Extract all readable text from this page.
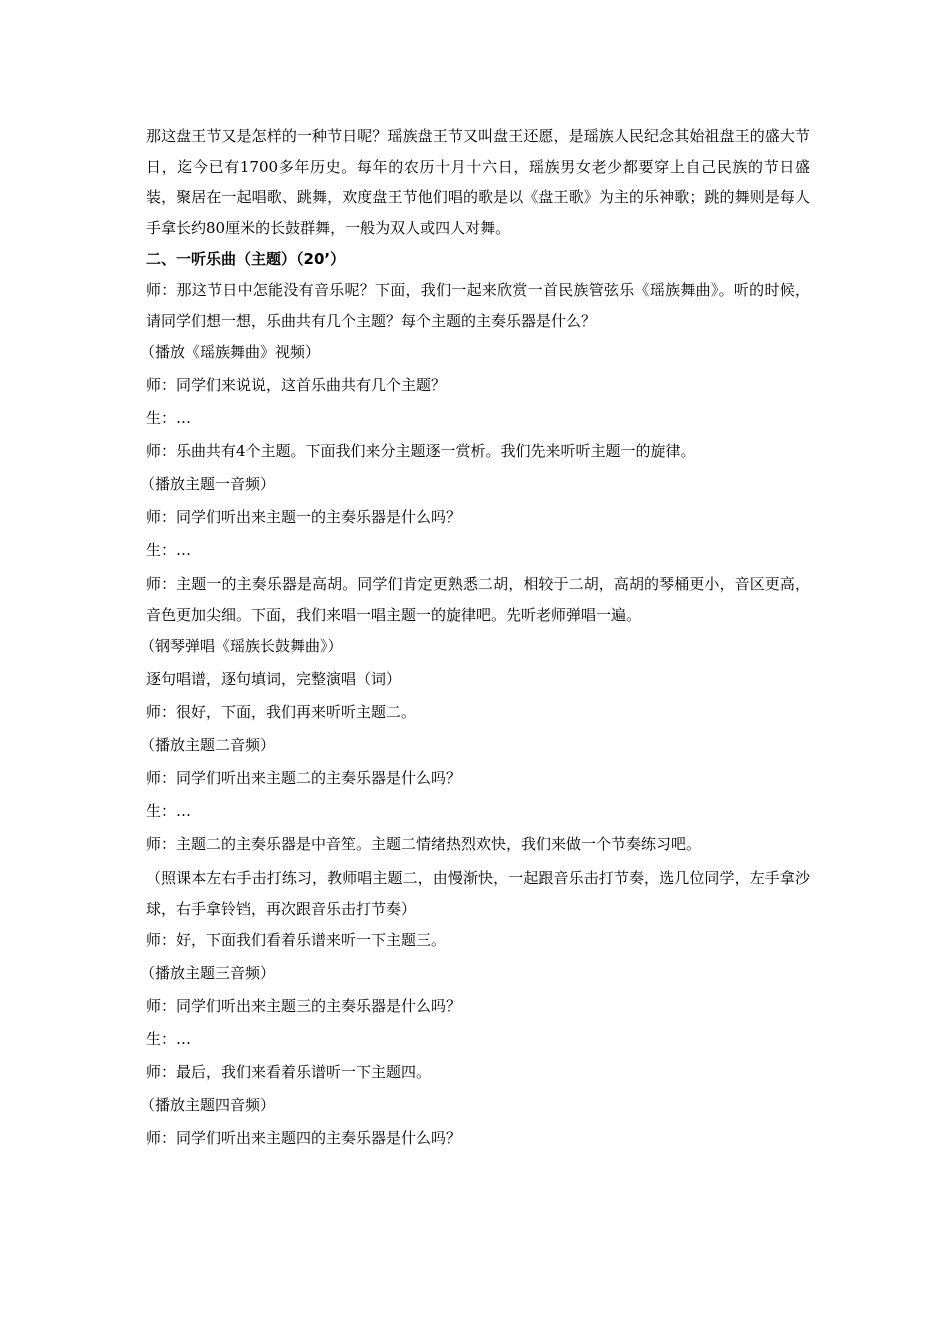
那这盘王节又是怎样的一种节日呢？瑶族盘王节又叫盘王还愿，是瑶族人民纪念其始祖盘王的盛大节日，迄今已有1700多年历史。每年的农历十月十六日，瑶族男女老少都要穿上自己民族的节日盛装，聚居在一起唱歌、跳舞，欢度盘王节他们唱的歌是以《盘王歌》为主的乐神歌；跳的舞则是每人手拿长约80厘米的长鼓群舞，一般为双人或四人对舞。

二、一听乐曲（主题）（20’）

师：那这节日中怎能没有音乐呢？下面，我们一起来欣赏一首民族管弦乐《瑶族舞曲》。听的时候，请同学们想一想，乐曲共有几个主题？每个主题的主奏乐器是什么？

（播放《瑶族舞曲》视频）

师：同学们来说说，这首乐曲共有几个主题？

生：…

师：乐曲共有4个主题。下面我们来分主题逐一赏析。我们先来听听主题一的旋律。

（播放主题一音频）

师：同学们听出来主题一的主奏乐器是什么吗？

生：…

师：主题一的主奏乐器是高胡。同学们肯定更熟悉二胡，相较于二胡，高胡的琴桶更小，音区更高，音色更加尖细。下面，我们来唱一唱主题一的旋律吧。先听老师弹唱一遍。

（钢琴弹唱《瑶族长鼓舞曲》）

逐句唱谱，逐句填词，完整演唱（词）

师：很好，下面，我们再来听听主题二。

（播放主题二音频）

师：同学们听出来主题二的主奏乐器是什么吗？

生：…

师：主题二的主奏乐器是中音笙。主题二情绪热烈欢快，我们来做一个节奏练习吧。

（照课本左右手击打练习，教师唱主题二，由慢渐快，一起跟音乐击打节奏，选几位同学，左手拿沙球，右手拿铃铛，再次跟音乐击打节奏）

师：好，下面我们看着乐谱来听一下主题三。

（播放主题三音频）

师：同学们听出来主题三的主奏乐器是什么吗？

生：…

师：最后，我们来看着乐谱听一下主题四。

（播放主题四音频）

师：同学们听出来主题四的主奏乐器是什么吗？
